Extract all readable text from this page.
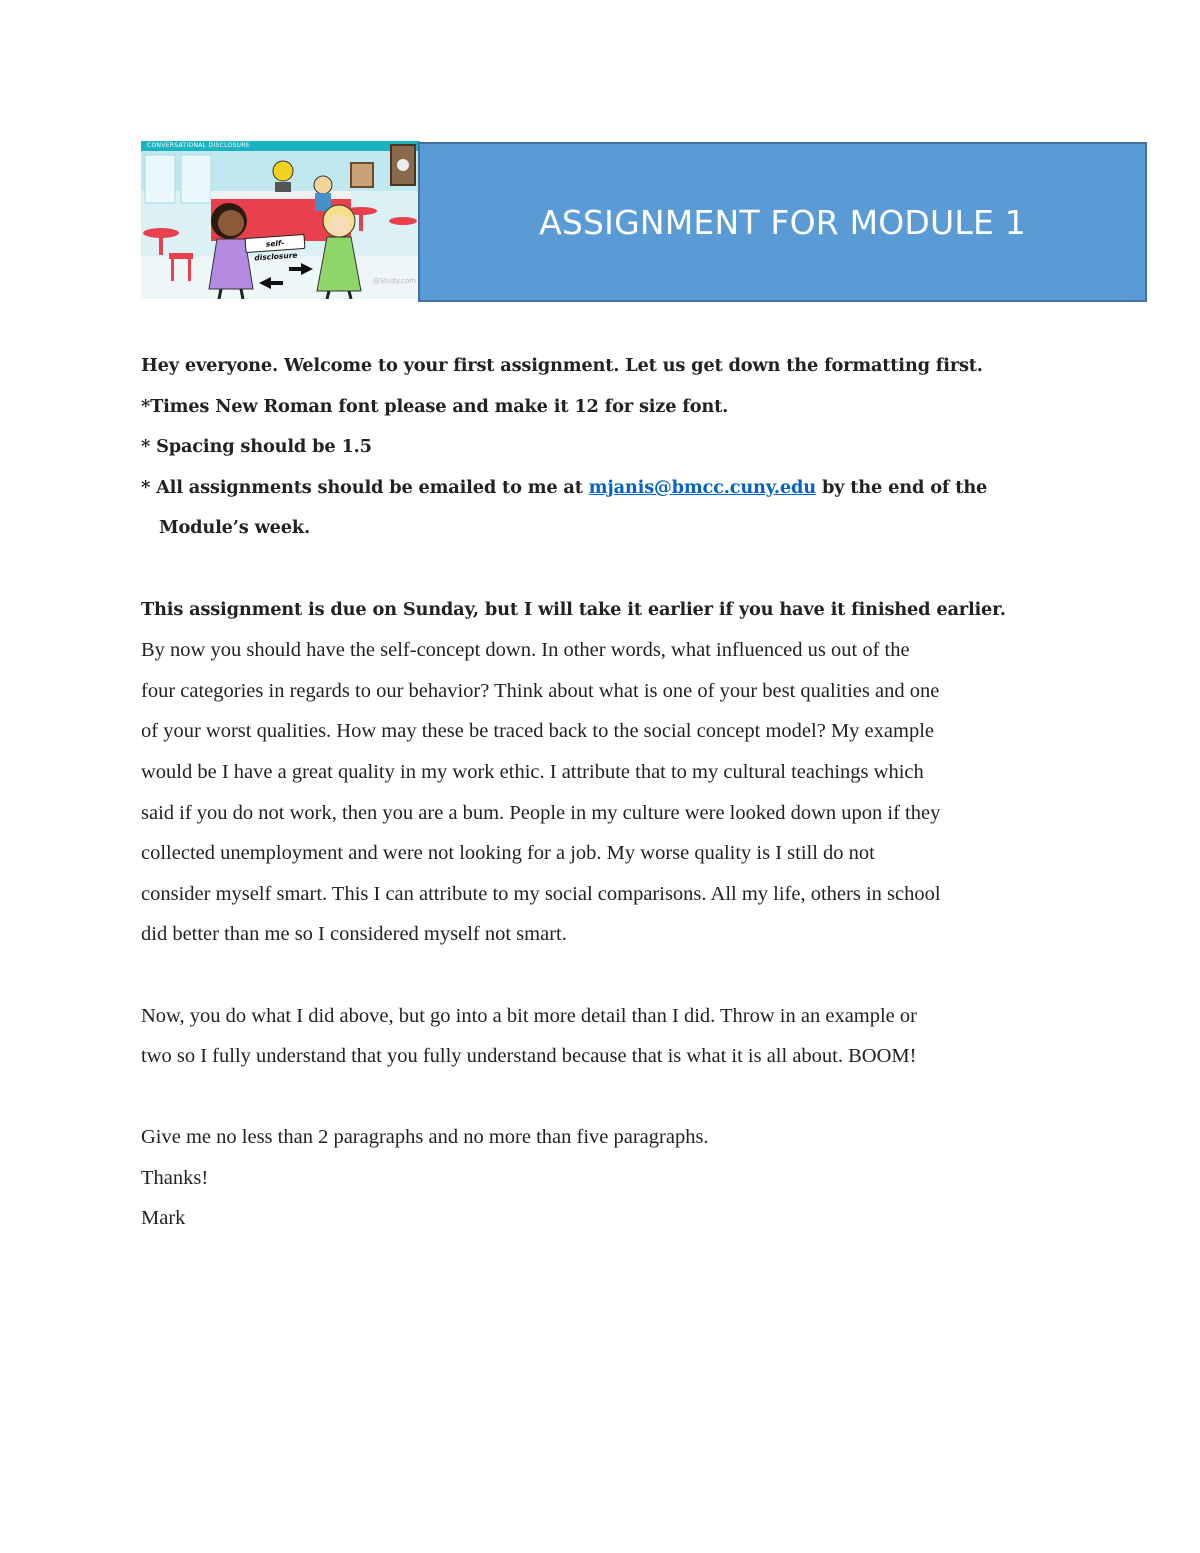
CONVERSATIONAL DISCLOSURE
self-disclosure
@Study.com
ASSIGNMENT FOR MODULE 1
Hey everyone. Welcome to your first assignment. Let us get down the formatting first.
*Times New Roman font please and make it 12 for size font.
* Spacing should be 1.5
* All assignments should be emailed to me at mjanis@bmcc.cuny.edu by the end of the
Module’s week.
This assignment is due on Sunday, but I will take it earlier if you have it finished earlier.
By now you should have the self-concept down. In other words, what influenced us out of the
four categories in regards to our behavior? Think about what is one of your best qualities and one
of your worst qualities. How may these be traced back to the social concept model? My example
would be I have a great quality in my work ethic. I attribute that to my cultural teachings which
said if you do not work, then you are a bum. People in my culture were looked down upon if they
collected unemployment and were not looking for a job. My worse quality is I still do not
consider myself smart. This I can attribute to my social comparisons. All my life, others in school
did better than me so I considered myself not smart.
Now, you do what I did above, but go into a bit more detail than I did. Throw in an example or
two so I fully understand that you fully understand because that is what it is all about. BOOM!
Give me no less than 2 paragraphs and no more than five paragraphs.
Thanks!
Mark
